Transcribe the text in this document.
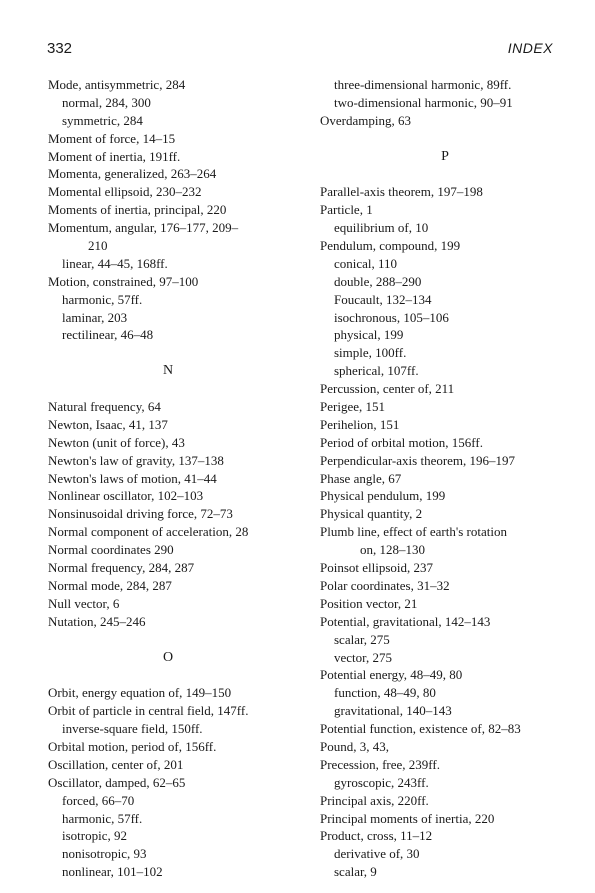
332	INDEX
Mode, antisymmetric, 284
normal, 284, 300
symmetric, 284
Moment of force, 14–15
Moment of inertia, 191ff.
Momenta, generalized, 263–264
Momental ellipsoid, 230–232
Moments of inertia, principal, 220
Momentum, angular, 176–177, 209–
210
linear, 44–45, 168ff.
Motion, constrained, 97–100
harmonic, 57ff.
laminar, 203
rectilinear, 46–48
N
Natural frequency, 64
Newton, Isaac, 41, 137
Newton (unit of force), 43
Newton's law of gravity, 137–138
Newton's laws of motion, 41–44
Nonlinear oscillator, 102–103
Nonsinusoidal driving force, 72–73
Normal component of acceleration, 28
Normal coordinates 290
Normal frequency, 284, 287
Normal mode, 284, 287
Null vector, 6
Nutation, 245–246
O
Orbit, energy equation of, 149–150
Orbit of particle in central field, 147ff.
inverse-square field, 150ff.
Orbital motion, period of, 156ff.
Oscillation, center of, 201
Oscillator, damped, 62–65
forced, 66–70
harmonic, 57ff.
isotropic, 92
nonisotropic, 93
nonlinear, 101–102
three-dimensional harmonic, 89ff.
two-dimensional harmonic, 90–91
Overdamping, 63
P
Parallel-axis theorem, 197–198
Particle, 1
equilibrium of, 10
Pendulum, compound, 199
conical, 110
double, 288–290
Foucault, 132–134
isochronous, 105–106
physical, 199
simple, 100ff.
spherical, 107ff.
Percussion, center of, 211
Perigee, 151
Perihelion, 151
Period of orbital motion, 156ff.
Perpendicular-axis theorem, 196–197
Phase angle, 67
Physical pendulum, 199
Physical quantity, 2
Plumb line, effect of earth's rotation
on, 128–130
Poinsot ellipsoid, 237
Polar coordinates, 31–32
Position vector, 21
Potential, gravitational, 142–143
scalar, 275
vector, 275
Potential energy, 48–49, 80
function, 48–49, 80
gravitational, 140–143
Potential function, existence of, 82–83
Pound, 3, 43,
Precession, free, 239ff.
gyroscopic, 243ff.
Principal axis, 220ff.
Principal moments of inertia, 220
Product, cross, 11–12
derivative of, 30
scalar, 9
